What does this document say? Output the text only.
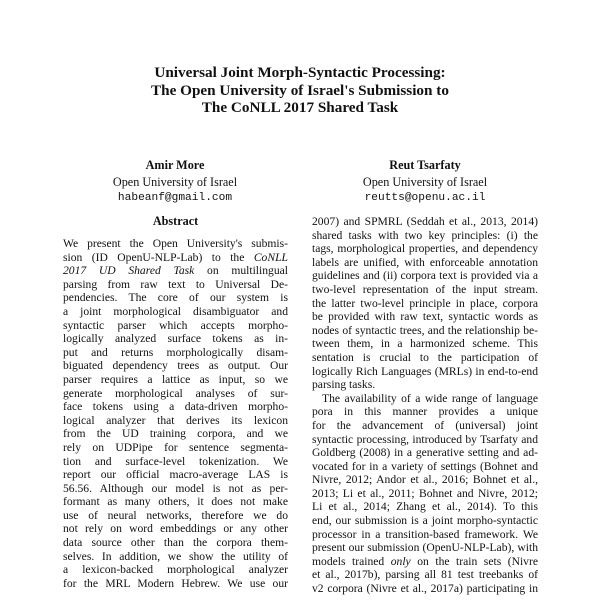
Universal Joint Morph-Syntactic Processing:
The Open University of Israel's Submission to
The CoNLL 2017 Shared Task
Amir More
Open University of Israel
habeanf@gmail.com
Reut Tsarfaty
Open University of Israel
reutts@openu.ac.il
Abstract
We present the Open University's submis-
sion (ID OpenU-NLP-Lab) to the CoNLL
2017 UD Shared Task on multilingual
parsing from raw text to Universal De-
pendencies. The core of our system is
a joint morphological disambiguator and
syntactic parser which accepts morpho-
logically analyzed surface tokens as in-
put and returns morphologically disam-
biguated dependency trees as output. Our
parser requires a lattice as input, so we
generate morphological analyses of sur-
face tokens using a data-driven morpho-
logical analyzer that derives its lexicon
from the UD training corpora, and we
rely on UDPipe for sentence segmenta-
tion and surface-level tokenization. We
report our official macro-average LAS is
56.56. Although our model is not as per-
formant as many others, it does not make
use of neural networks, therefore we do
not rely on word embeddings or any other
data source other than the corpora them-
selves. In addition, we show the utility of
a lexicon-backed morphological analyzer
for the MRL Modern Hebrew. We use our
2007) and SPMRL (Seddah et al., 2013, 2014)
shared tasks with two key principles: (i) the
tags, morphological properties, and dependency
labels are unified, with enforceable annotation
guidelines and (ii) corpora text is provided via a
two-level representation of the input stream.
the latter two-level principle in place, corpora
be provided with raw text, syntactic words as
nodes of syntactic trees, and the relationship be-
tween them, in a harmonized scheme. This
sentation is crucial to the participation of
logically Rich Languages (MRLs) in end-to-end
parsing tasks.
The availability of a wide range of language
pora in this manner provides a unique
for the advancement of (universal) joint
syntactic processing, introduced by Tsarfaty and
Goldberg (2008) in a generative setting and ad-
vocated for in a variety of settings (Bohnet and
Nivre, 2012; Andor et al., 2016; Bohnet et al.,
2013; Li et al., 2011; Bohnet and Nivre, 2012;
Li et al., 2014; Zhang et al., 2014). To this
end, our submission is a joint morpho-syntactic
processor in a transition-based framework. We
present our submission (OpenU-NLP-Lab), with
models trained only on the train sets (Nivre
et al., 2017b), parsing all 81 test treebanks of
v2 corpora (Nivre et al., 2017a) participating in
